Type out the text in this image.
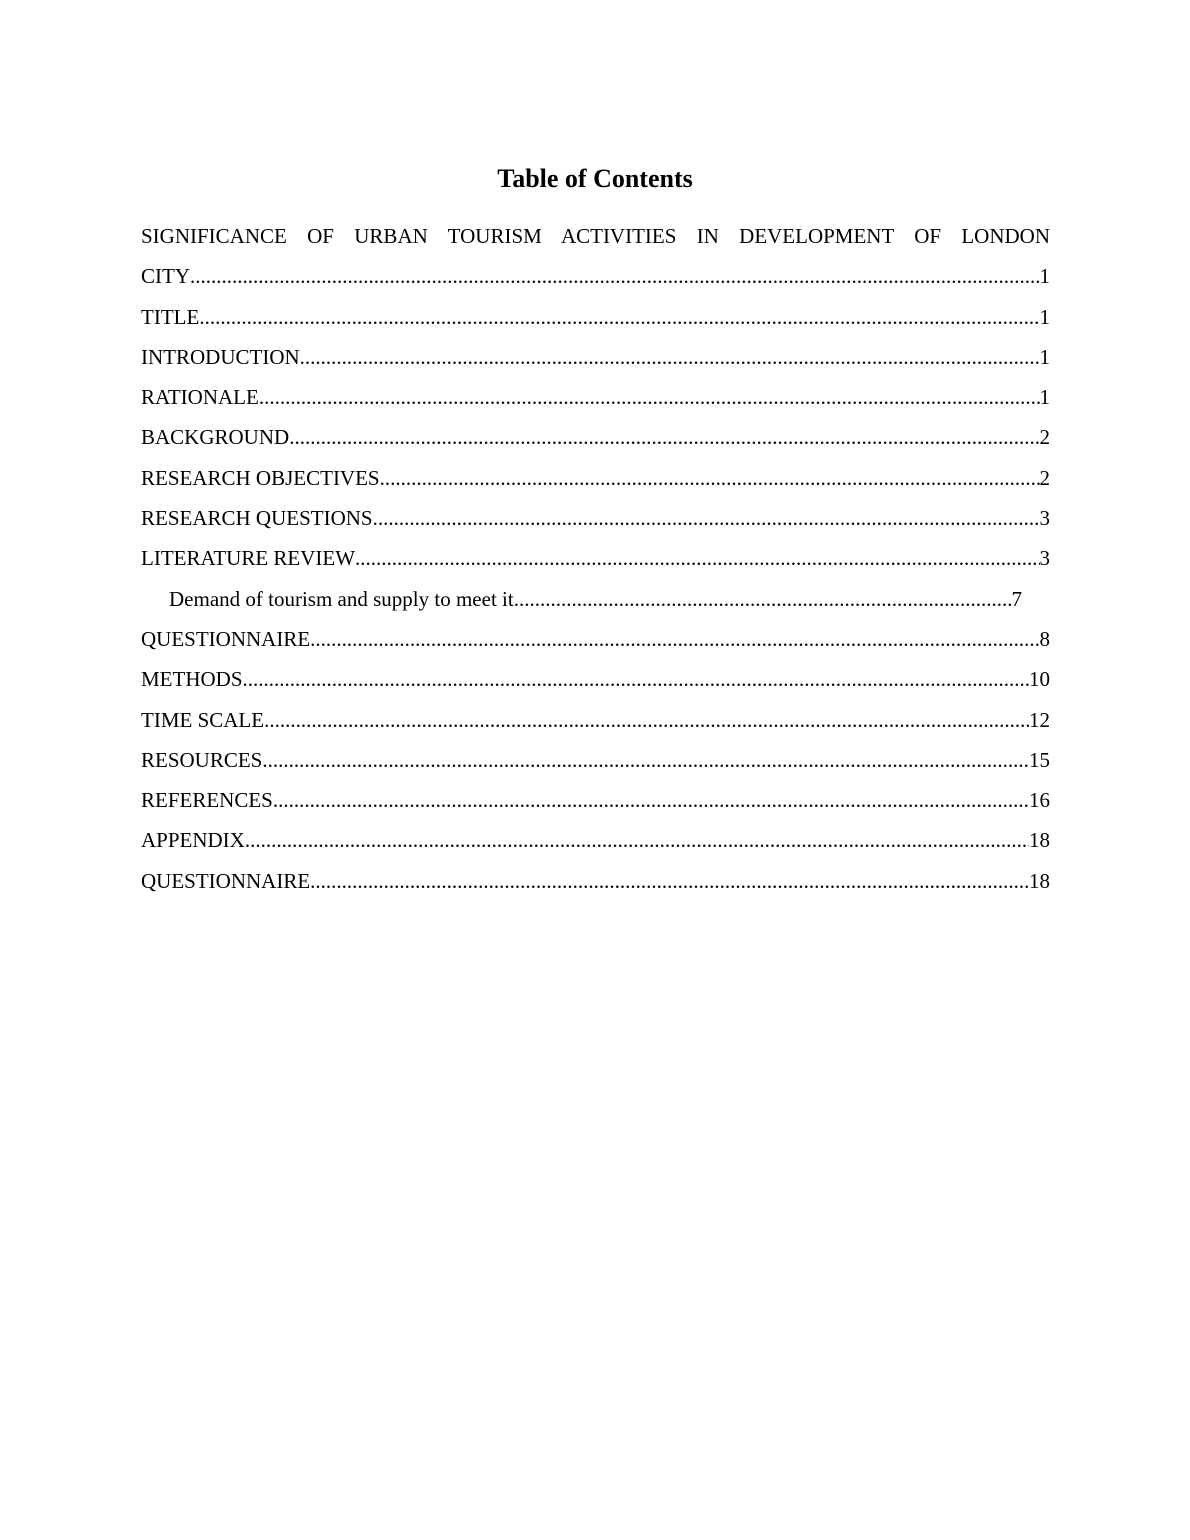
Table of Contents
SIGNIFICANCE OF URBAN TOURISM ACTIVITIES IN DEVELOPMENT OF LONDON
CITY .....	1
TITLE .....	1
INTRODUCTION .....	1
RATIONALE .....	1
BACKGROUND .....	2
RESEARCH OBJECTIVES .....	2
RESEARCH QUESTIONS .....	3
LITERATURE REVIEW .....	3
Demand of tourism and supply to meet it .....	7
QUESTIONNAIRE .....	8
METHODS .....	10
TIME SCALE .....	12
RESOURCES .....	15
REFERENCES .....	16
APPENDIX .....	18
QUESTIONNAIRE .....	18
